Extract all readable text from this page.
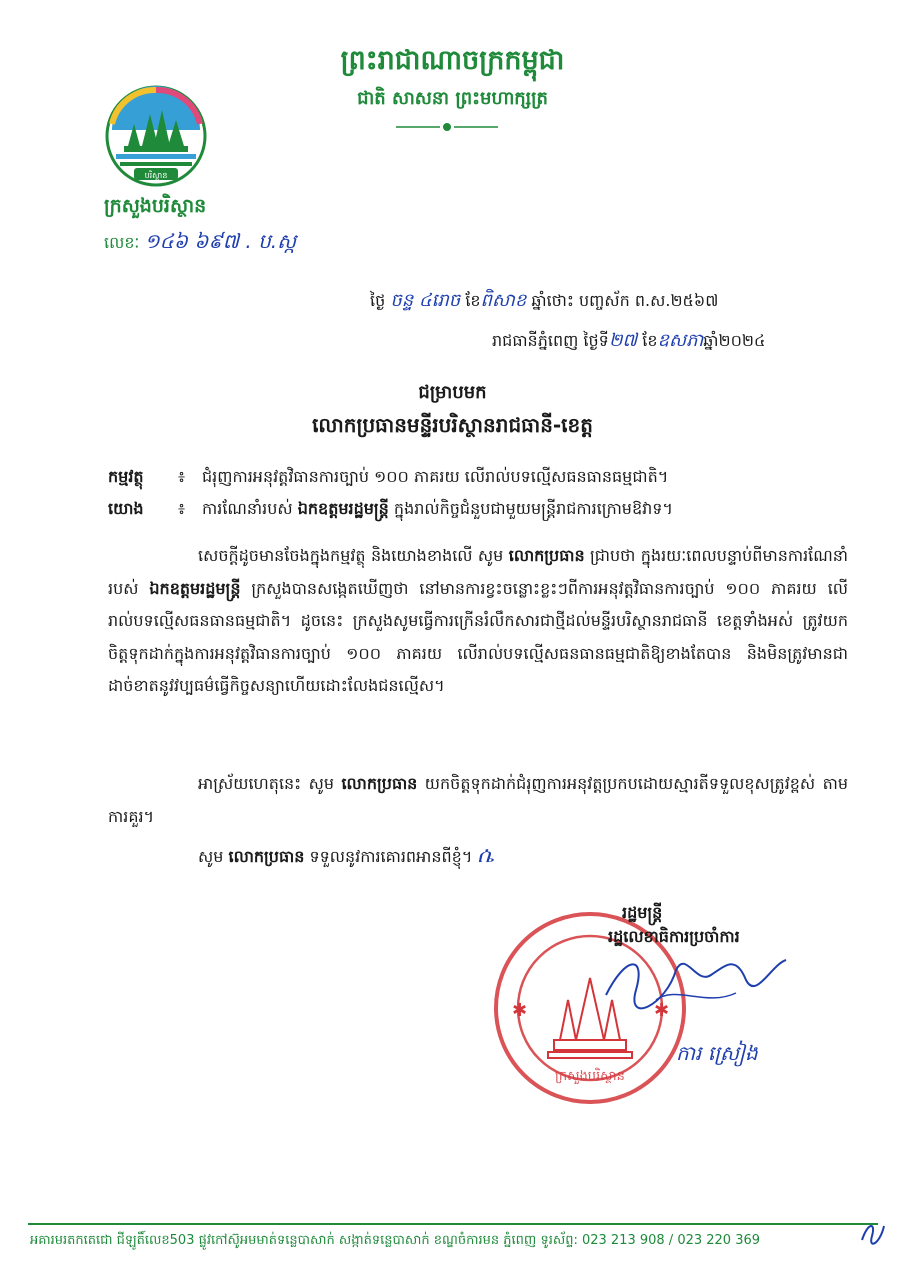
ព្រះរាជាណាចក្រកម្ពុជា
ជាតិ សាសនា ព្រះមហាក្សត្រ
បរិស្ថាន
ក្រសួងបរិស្ថាន
លេខៈ ១៤៦ ៦៩៧ . ប.ស្ក
ថ្ងៃ ចន្ទ ៤រោច ខែពិសាខ ឆ្នាំថោះ បញ្ចស័ក ព.ស.២៥៦៧
រាជធានីភ្នំពេញ ថ្ងៃទី២៧ ខែឧសភាឆ្នាំ២០២៤
ជម្រាបមក
លោកប្រធានមន្ទីរបរិស្ថានរាជធានី-ខេត្ត
កម្មវត្ថុ ៖ ជំរុញការអនុវត្តវិធានការច្បាប់ ១០០ ភាគរយ លើរាល់បទល្មើសធនធានធម្មជាតិ។
យោង ៖ ការណែនាំរបស់ ឯកឧត្តមរដ្ឋមន្ត្រី ក្នុងរាល់កិច្ចជំនួបជាមួយមន្ត្រីរាជការក្រោមឱវាទ។
សេចក្តីដូចមានចែងក្នុងកម្មវត្ថុ និងយោងខាងលើ សូម លោកប្រធាន ជ្រាបថា ក្នុងរយៈពេលបន្ទាប់ពីមានការណែនាំរបស់ ឯកឧត្តមរដ្ឋមន្ត្រី ក្រសួងបានសង្កេតឃើញថា នៅមានការខ្វះចន្លោះខ្លះៗពីការអនុវត្តវិធានការច្បាប់ ១០០ ភាគរយ លើរាល់បទល្មើសធនធានធម្មជាតិ។ ដូចនេះ ក្រសួងសូមធ្វើការក្រើនរំលឹកសារជាថ្មីដល់មន្ទីរបរិស្ថានរាជធានី ខេត្តទាំងអស់ ត្រូវយកចិត្តទុកដាក់ក្នុងការអនុវត្តវិធានការច្បាប់ ១០០ ភាគរយ លើរាល់បទល្មើសធនធានធម្មជាតិឱ្យខាងតែបាន និងមិនត្រូវមានជាដាច់ខាតនូវវប្បធម៌ធ្វើកិច្ចសន្យាហើយដោះលែងជនល្មើស។
អាស្រ័យហេតុនេះ សូម លោកប្រធាន យកចិត្តទុកដាក់ជំរុញការអនុវត្តប្រកបដោយស្មារតីទទួលខុសត្រូវខ្ពស់ តាមការគួរ។
សូម លោកប្រធាន ទទួលនូវការគោរពអានពីខ្ញុំ។ ሴ
✱	✱
ក្រសួងបរិស្ថាន
រដ្ឋមន្ត្រី
រដ្ឋលេខាធិការប្រចាំការ
ការ ស្រៀង
អគារមរតកតេជោ ជីឡូតិ៍លេខ503 ផ្លូវកៅស៊ូអមមាត់ទន្លេបាសាក់ សង្កាត់ទន្លេបាសាក់ ខណ្ឌចំការមន ភ្នំពេញ ទូរស័ព្ទ: 023 213 908 / 023 220 369
